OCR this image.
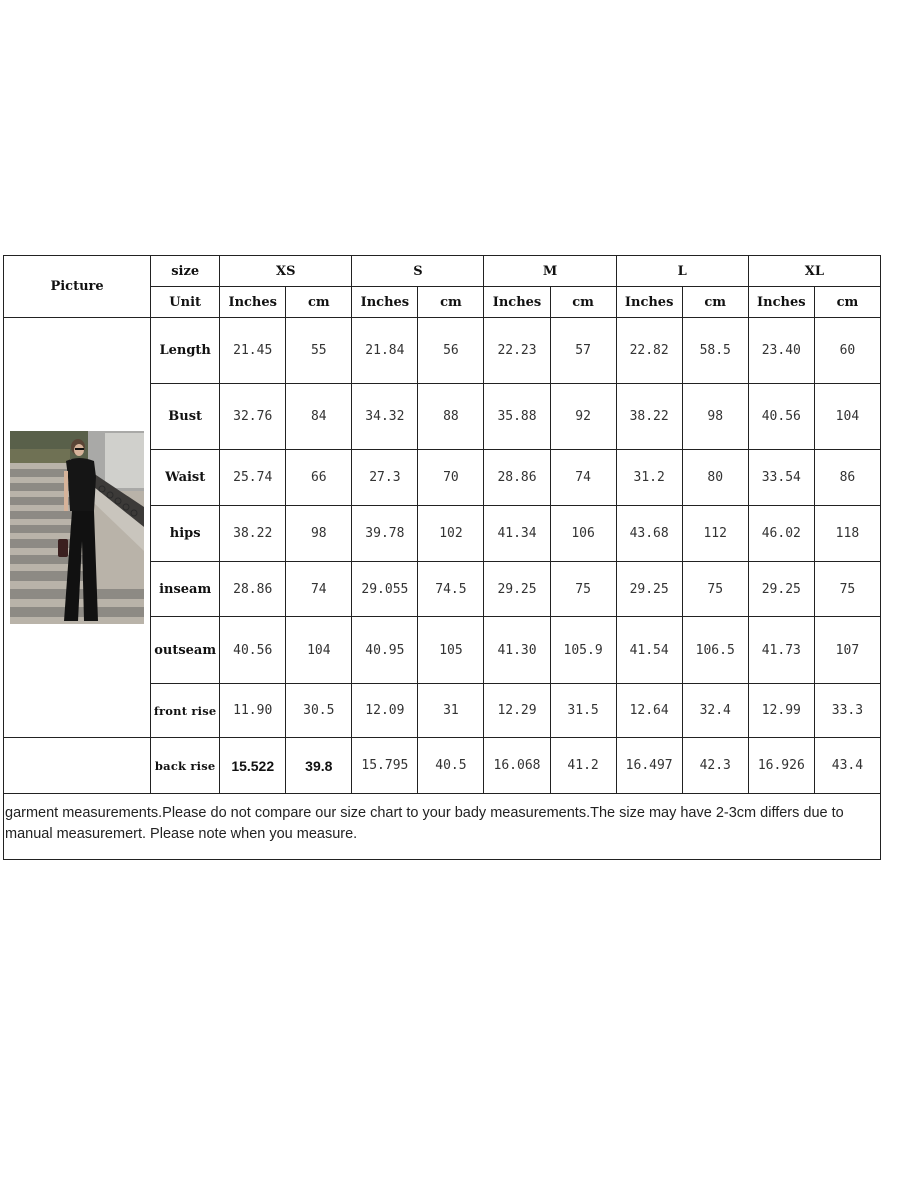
Picture	size	XS		S		M		L		XL	
	Unit	Inches	cm	Inches	cm	Inches	cm	Inches	cm	Inches	cm

	Length	21.45	55	21.84	56	22.23	57	22.82	58.5	23.40	60
	Bust	32.76	84	34.32	88	35.88	92	38.22	98	40.56	104
	Waist	25.74	66	27.3	70	28.86	74	31.2	80	33.54	86
	hips	38.22	98	39.78	102	41.34	106	43.68	112	46.02	118
	inseam	28.86	74	29.055	74.5	29.25	75	29.25	75	29.25	75
	outseam	40.56	104	40.95	105	41.30	105.9	41.54	106.5	41.73	107
	front rise	11.90	30.5	12.09	31	12.29	31.5	12.64	32.4	12.99	33.3
	back rise	15.522	39.8	15.795	40.5	16.068	41.2	16.497	42.3	16.926	43.4
garment measurements.Please do not compare our size chart to your bady measurements.The size may have 2-3cm differs due to manual measuremert. Please note when you measure.											
